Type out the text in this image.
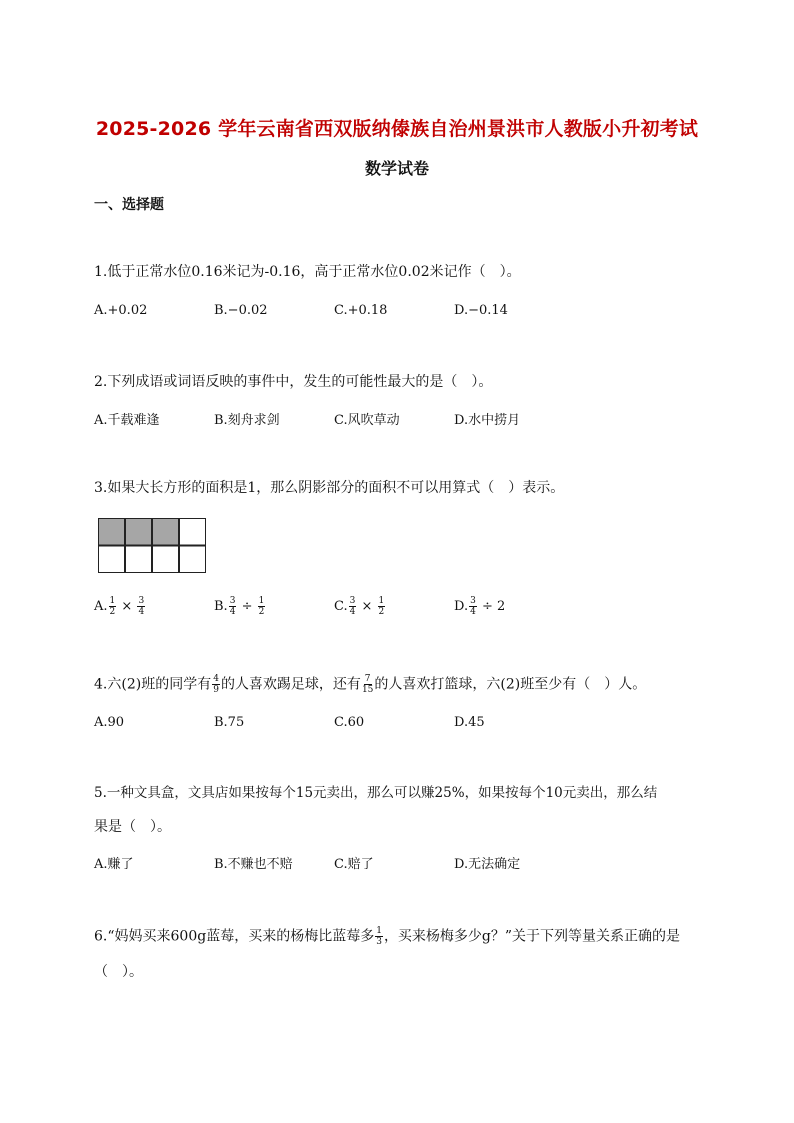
2025-2026 学年云南省西双版纳傣族自治州景洪市人教版小升初考试
数学试卷
一、选择题
1.低于正常水位0.16米记为-0.16，高于正常水位0.02米记作（　）。
A.+0.02	B.−0.02	C.+0.18	D.−0.14
2.下列成语或词语反映的事件中，发生的可能性最大的是（　）。
A.千载难逢	B.刻舟求剑	C.风吹草动	D.水中捞月
3.如果大长方形的面积是1，那么阴影部分的面积不可以用算式（　）表示。
A. $\frac{1}{2} \times \frac{3}{4}$	B. $\frac{3}{4} \div \frac{1}{2}$	C. $\frac{3}{4} \times \frac{1}{2}$	D. $\frac{3}{4} \div 2$
4.六(2)班的同学有 $\frac{4}{9}$ 的人喜欢踢足球，还有 $\frac{7}{15}$ 的人喜欢打篮球，六(2)班至少有（　）人。
A.90	B.75	C.60	D.45
5.一种文具盒，文具店如果按每个15元卖出，那么可以赚25%，如果按每个10元卖出，那么结
果是（　）。
A.赚了	B.不赚也不赔	C.赔了	D.无法确定
6.“妈妈买来600g蓝莓，买来的杨梅比蓝莓多 $\frac{1}{3}$ ，买来杨梅多少g？”关于下列等量关系正确的是
（　）。
